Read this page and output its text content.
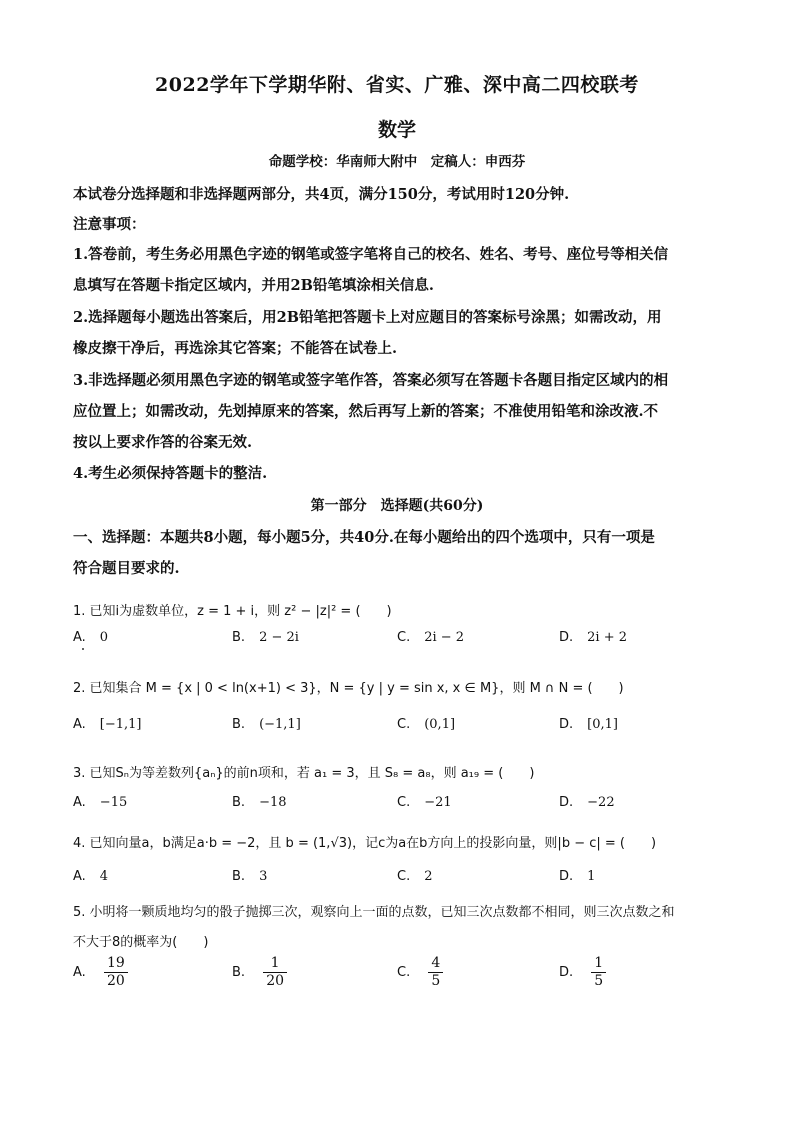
2022学年下学期华附、省实、广雅、深中高二四校联考
数学
命题学校：华南师大附中　定稿人：申西芬
本试卷分选择题和非选择题两部分，共4页，满分150分，考试用时120分钟.
注意事项：
1.答卷前，考生务必用黑色字迹的钢笔或签字笔将自己的校名、姓名、考号、座位号等相关信
息填写在答题卡指定区域内，并用2B铅笔填涂相关信息.
2.选择题每小题选出答案后，用2B铅笔把答题卡上对应题目的答案标号涂黑；如需改动，用
橡皮擦干净后，再选涂其它答案；不能答在试卷上.
3.非选择题必须用黑色字迹的钢笔或签字笔作答，答案必须写在答题卡各题目指定区域内的相
应位置上；如需改动，先划掉原来的答案，然后再写上新的答案；不准使用铅笔和涂改液.不
按以上要求作答的谷案无效.
4.考生必须保持答题卡的整洁.
第一部分　选择题(共60分)
一、选择题：本题共8小题，每小题5分，共40分.在每小题给出的四个选项中，只有一项是
符合题目要求的.
1. 已知i为虚数单位，z = 1 + i，则 z² − |z|² = (　　)
A. 0	B. 2 − 2i	C. 2i − 2	D. 2i + 2
2. 已知集合 M = {x | 0 < ln(x+1) < 3}，N = {y | y = sin x, x ∈ M}，则 M ∩ N = (　　)
A. [−1,1]	B. (−1,1]	C. (0,1]	D. [0,1]
3. 已知Sₙ为等差数列{aₙ}的前n项和，若 a₁ = 3，且 S₈ = a₈，则 a₁₉ = (　　)
A. −15	B. −18	C. −21	D. −22
4. 已知向量a，b满足a·b = −2，且 b = (1,√3)，记c为a在b方向上的投影向量，则|b − c| = (　　)
A. 4	B. 3	C. 2	D. 1
5. 小明将一颗质地均匀的骰子抛掷三次，观察向上一面的点数，已知三次点数都不相同，则三次点数之和
不大于8的概率为(　　)
A. $\frac{19}{20}$	B. $\frac{1}{20}$	C. $\frac{4}{5}$	D. $\frac{1}{5}$
